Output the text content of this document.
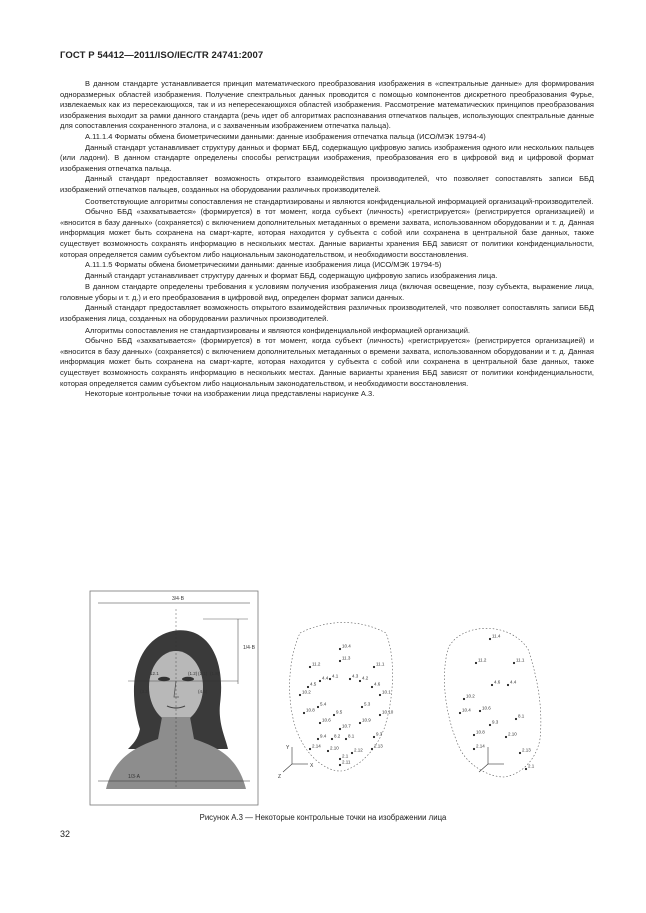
ГОСТ Р 54412—2011/ISO/IEC/TR 24741:2007

В данном стандарте устанавливается принцип математического преобразования изображения в «спектральные данные» для формирования одноразмерных областей изображения. Получение спектральных данных проводится с помощью компонентов дискретного преобразования Фурье, извлекаемых как из пересекающихся, так и из непересекающихся областей изображения. Рассмотрение математических принципов преобразования изображения выходит за рамки данного стандарта (речь идет об алгоритмах распознавания отпечатков пальцев, использующих спектральные данные для сопоставления сохраненного эталона, и с захваченным изображением отпечатка пальца).

А.11.1.4 Форматы обмена биометрическими данными: данные изображения отпечатка пальца (ИСО/МЭК 19794-4)

Данный стандарт устанавливает структуру данных и формат ББД, содержащую цифровую запись изображения одного или нескольких пальцев (или ладони). В данном стандарте определены способы регистрации изображения, преобразования его в цифровой вид и цифровой формат изображения отпечатка пальца.

Данный стандарт предоставляет возможность открытого взаимодействия производителей, что позволяет сопоставлять записи ББД изображений отпечатков пальцев, созданных на оборудовании различных производителей.

Соответствующие алгоритмы сопоставления не стандартизированы и являются конфиденциальной информацией организаций-производителей.

Обычно ББД «захватывается» (формируется) в тот момент, когда субъект (личность) «регистрируется» (регистрируется организацией) и «вносится в базу данных» (сохраняется) с включением дополнительных метаданных о времени захвата, использованном оборудовании и т. д. Данная информация может быть сохранена на смарт-карте, которая находится у субъекта с собой или сохранена в центральной базе данных, также существует возможность сохранять информацию в нескольких местах. Данные варианты хранения ББД зависят от политики конфиденциальности, которая определяется самим субъектом либо национальным законодательством, и необходимости восстановления.

А.11.1.5 Форматы обмена биометрическими данными: данные изображения лица (ИСО/МЭК 19794-5)

Данный стандарт устанавливает структуру данных и формат ББД, содержащую цифровую запись изображения лица.

В данном стандарте определены требования к условиям получения изображения лица (включая освещение, позу субъекта, выражение лица, головные уборы и т. д.) и его преобразования в цифровой вид, определен формат записи данных.

Данный стандарт предоставляет возможность открытого взаимодействия различных производителей, что позволяет сопоставлять записи ББД изображения лица, созданных на оборудовании различных производителей.

Алгоритмы сопоставления не стандартизированы и являются конфиденциальной информацией организаций.

Обычно ББД «захватывается» (формируется) в тот момент, когда субъект (личность) «регистрируется» (регистрируется организацией) и «вносится в базу данных» (сохраняется) с включением дополнительных метаданных о времени захвата, использованном оборудовании и т. д. Данная информация может быть сохранена на смарт-карте, которая находится у субъекта с собой или сохранена в центральной базе данных, также существует возможность сохранять информацию в нескольких местах. Данные варианты хранения ББД зависят от политики конфиденциальности, которая определяется самим субъектом либо национальным законодательством, и необходимости восстановления.

Некоторые контрольные точки на изображении лица представлены нарисунке А.3.

3/4·B
1/3·A
1/4·B
12.1	(1.2) (1.1) (1.8)
(3.2)	(4.5)
10.4
11.2	11.1
11.3
4.4	4.2
4.1	4.3
4.5	4.6
10.2	10.1
5.4	5.3
10.8	10.10
10.6	10.9
10.7
9.4	9.3
9.5
2.14	2.13
2.10	2.12
2.11
2.1
8.1
8.2
Y
X
Z
11.4
11.2	11.1
4.4
4.6
10.2
10.4 10.6
10.8
2.14
2.10
2.13
2.1
9.3
8.1
Рисунок А.3 — Некоторые контрольные точки на изображении лица
32
